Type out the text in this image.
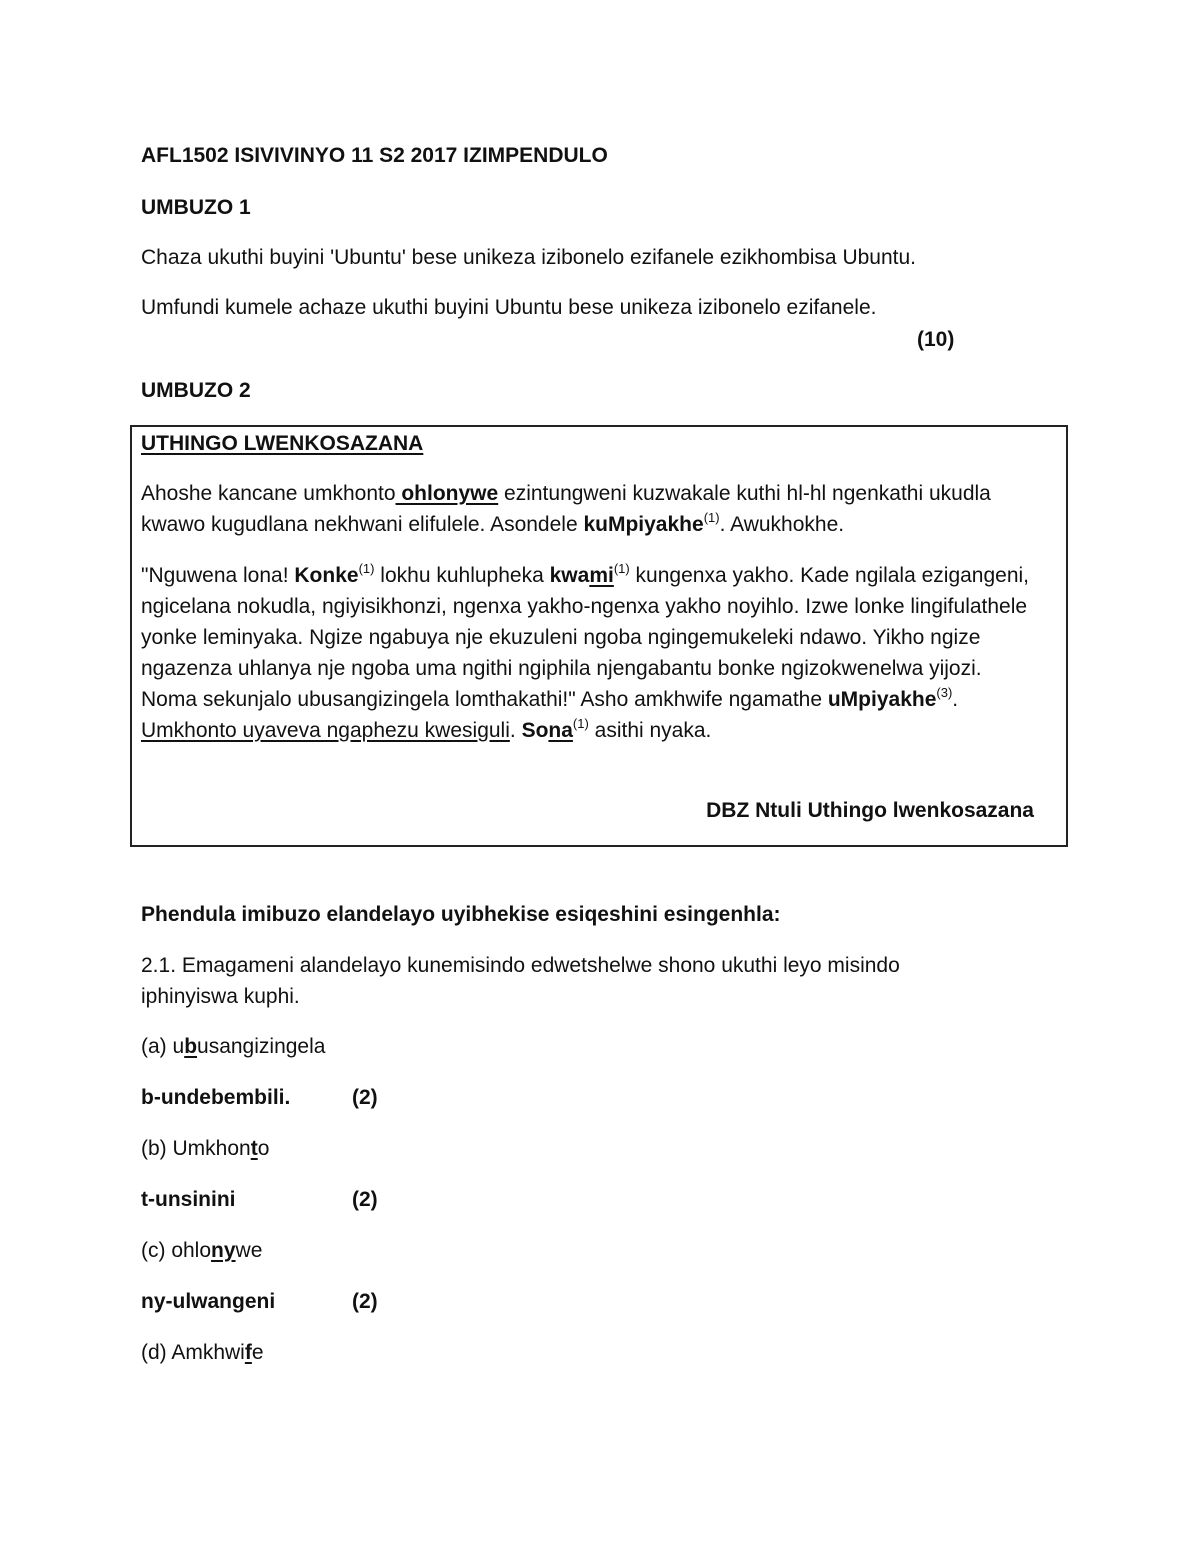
AFL1502 ISIVIVINYO 11 S2 2017 IZIMPENDULO
UMBUZO 1
Chaza ukuthi buyini 'Ubuntu' bese unikeza izibonelo ezifanele ezikhombisa Ubuntu.
Umfundi kumele achaze ukuthi buyini Ubuntu bese unikeza izibonelo ezifanele.
(10)
UMBUZO 2
UTHINGO LWENKOSAZANA

Ahoshe kancane umkhonto ohlonywe ezintungweni kuzwakale kuthi hl-hl ngenkathi ukudla kwawo kugudlana nekhwani elifulele. Asondele kuMpiyakhe$^{(1)}$. Awukhokhe.

"Nguwena lona! Konke$^{(1)}$ lokhu kuhlupheka kwami$^{(1)}$ kungenxa yakho. Kade ngilala ezigangeni, ngicelana nokudla, ngiyisikhonzi, ngenxa yakho-ngenxa yakho noyihlo. Izwe lonke lingifulathele yonke leminyaka. Ngize ngabuya nje ekuzuleni ngoba ngingemukeleki ndawo. Yikho ngize ngazenza uhlanya nje ngoba uma ngithi ngiphila njengabantu bonke ngizokwenelwa yijozi. Noma sekunjalo ubusangizingela lomthakathi!" Asho amkhwife ngamathe uMpiyakhe$^{(3)}$. Umkhonto uyaveva ngaphezu kwesiguli. Sona$^{(1)}$ asithi nyaka.

DBZ Ntuli Uthingo lwenkosazana
Phendula imibuzo elandelayo uyibhekise esiqeshini esingenhla:
2.1. Emagameni alandelayo kunemisindo edwetshelwe shono ukuthi leyo misindo
iphinyiswa kuphi.
(a) ubusangizingela
b-undebembili.	(2)
(b) Umkhonto
t-unsinini	(2)
(c) ohlonywe
ny-ulwangeni	(2)
(d) Amkhwife
